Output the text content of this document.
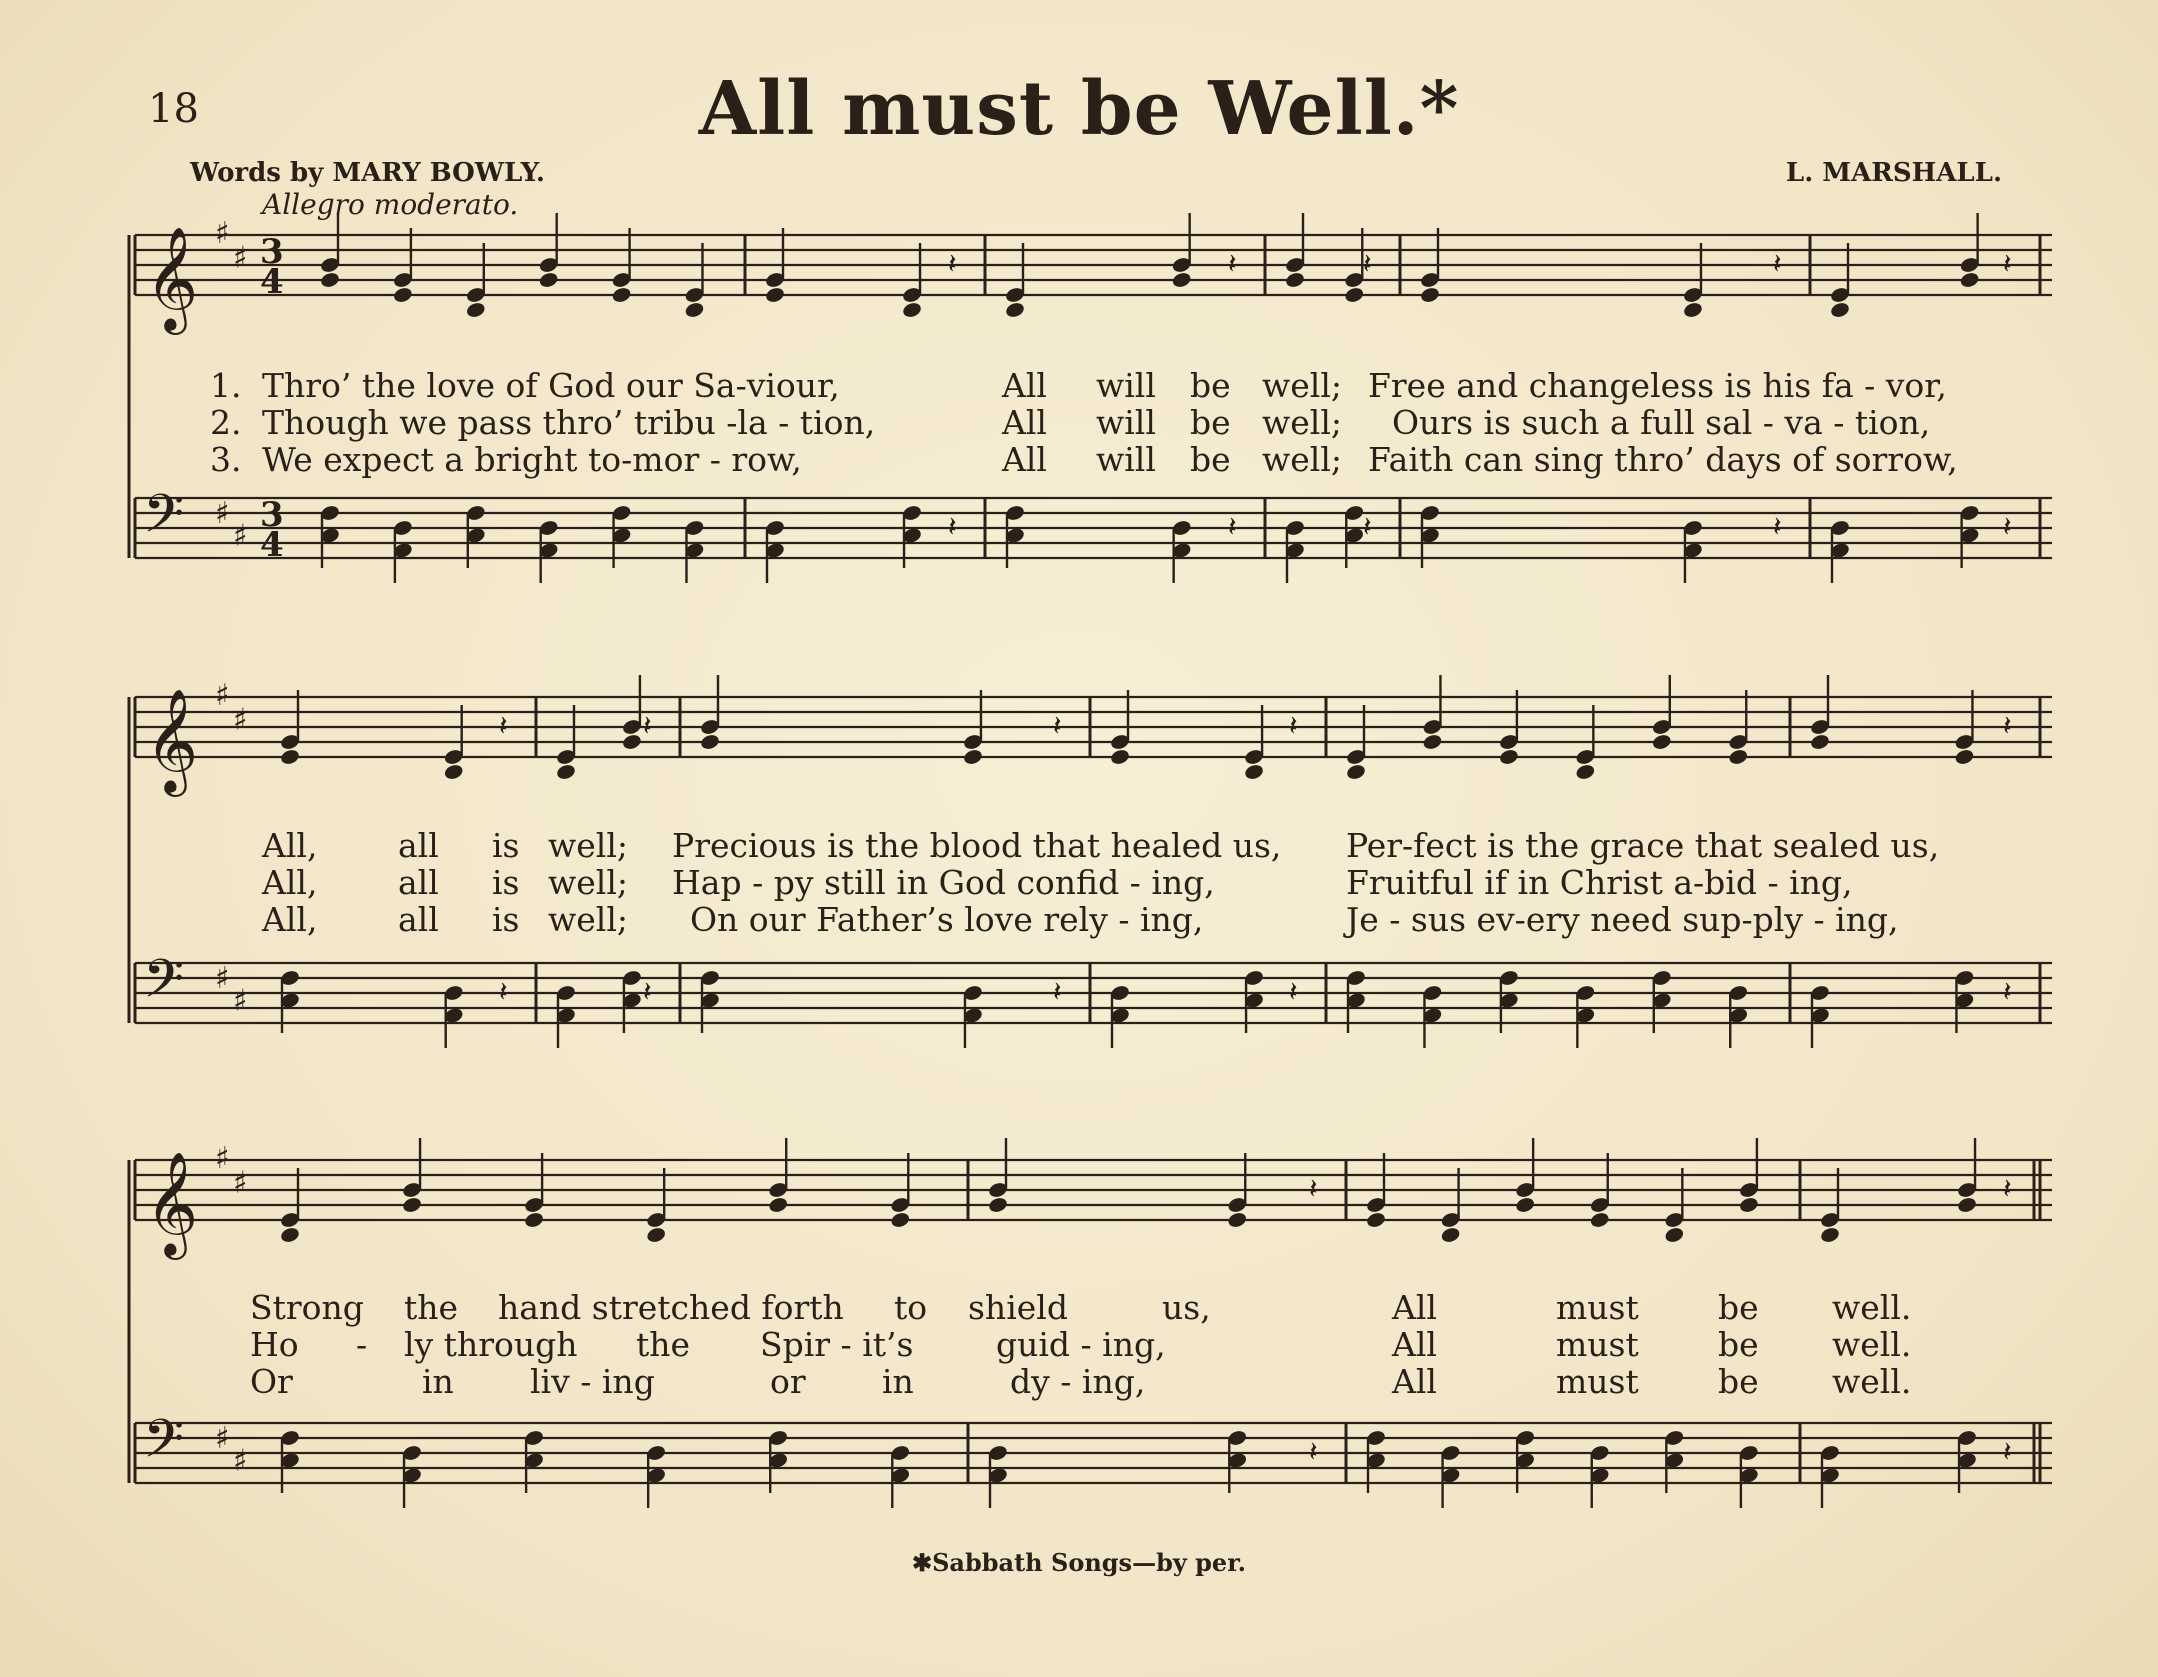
18	All must be Well.*
Words by MARY BOWLY.
Allegro moderato.
L. MARSHALL.
𝄞 ♯
♯ 3
4
𝄢 ♯
♯
3
4
𝄽
𝄽
𝄽
𝄽
𝄽
𝄽
𝄽
𝄽
𝄽
𝄽
𝄞 ♯
♯
𝄢 ♯
♯
𝄽
𝄽
𝄽
𝄽
𝄽
𝄽
𝄽
𝄽
𝄽
𝄽
𝄞 ♯
♯
𝄢 ♯
♯
𝄽
𝄽
𝄽
𝄽
1. Thro’ the love of God our Sa-viour,	All will be well; Free and changeless is his fa - vor,
2. Though we pass thro’ tribu -la - tion,	All will be well; Ours is such a full sal - va - tion,
3. We expect a bright to-mor - row,	All will be well; Faith can sing thro’ days of sorrow,
All, all is well; Precious is the blood that healed us, Per-fect is the grace that sealed us,
All, all is well; Hap - py still in God confid - ing,	Fruitful if in Christ a-bid - ing,
All, all is well; On our Father’s love rely - ing,	Je - sus ev-ery need sup-ply - ing,
Strong the hand stretched forth to shield	us,	All	must be well.
Ho - ly through the Spir - it’s	guid - ing,	All	must be well.
Or	in liv - ing	or in	dy - ing,	All	must be well.
✱Sabbath Songs—by per.
